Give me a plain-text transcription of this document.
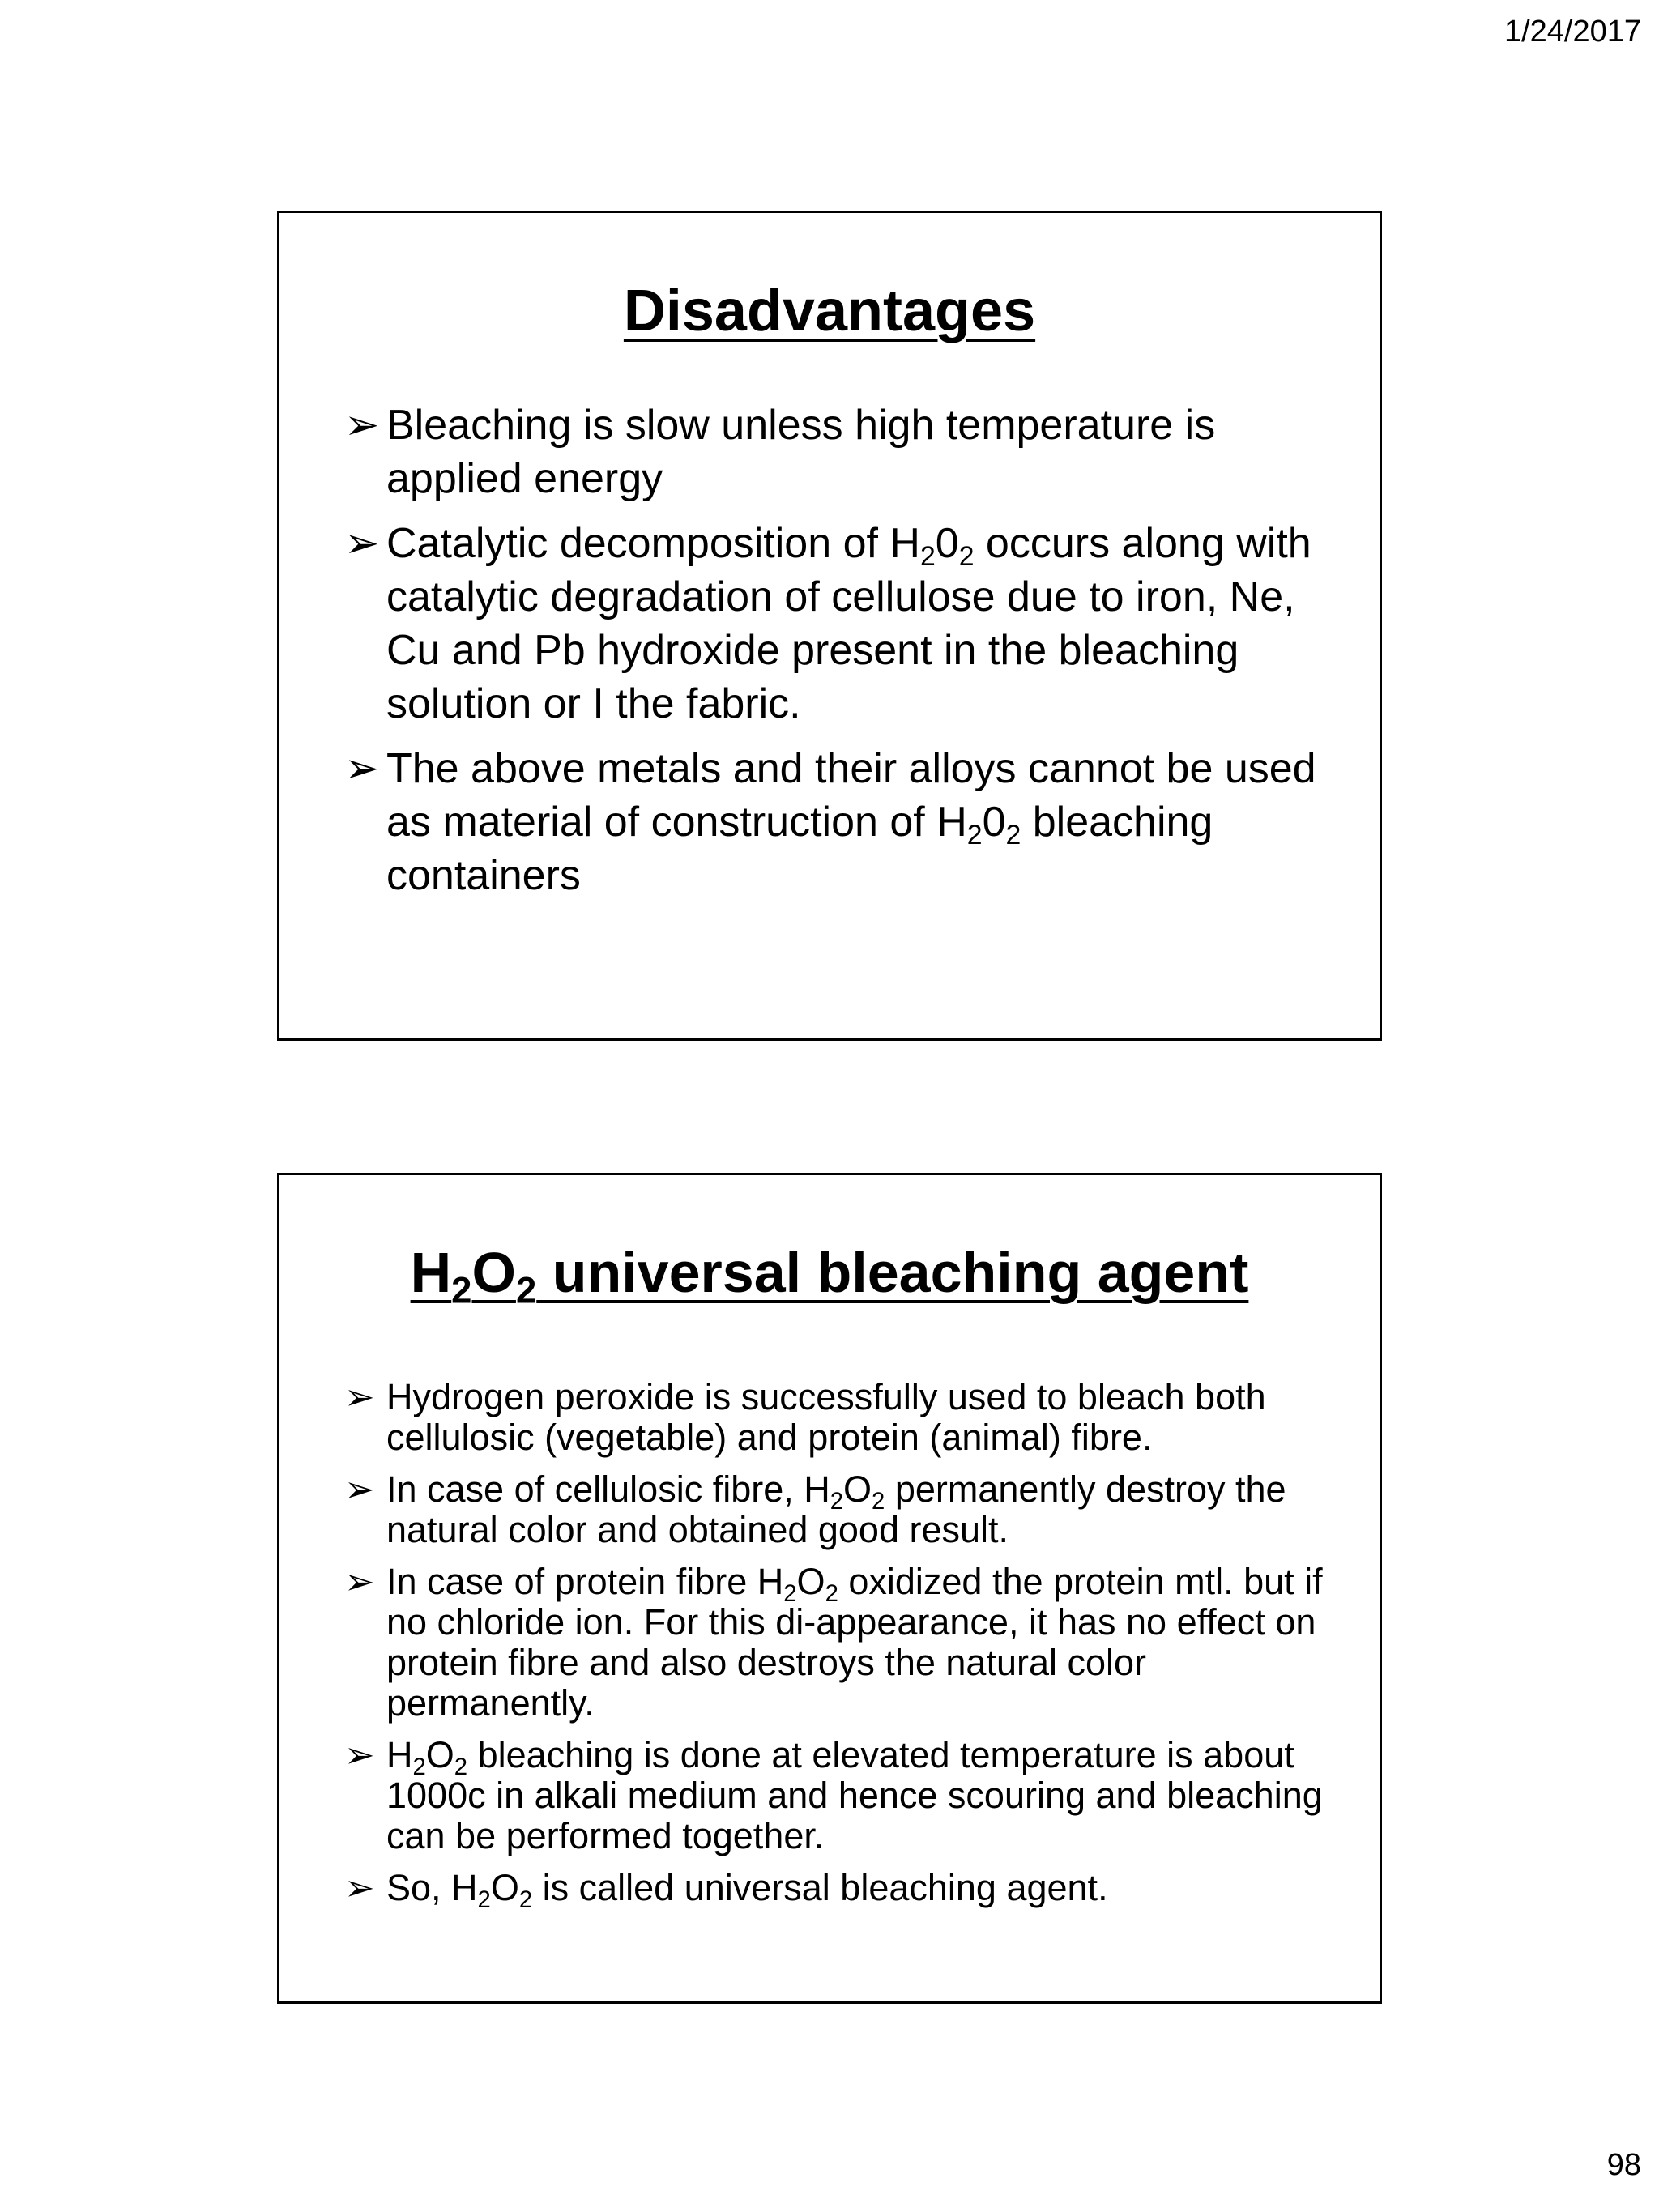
1/24/2017
Disadvantages
➢ Bleaching is slow unless high temperature is applied energy
➢ Catalytic decomposition of $H_20_2$ occurs along with catalytic degradation of cellulose due to iron, Ne, Cu and Pb hydroxide present in the bleaching solution or I the fabric.
➢ The above metals and their alloys cannot be used as material of construction of $H_20_2$ bleaching containers
$H_2O_2$ universal bleaching agent
➢ Hydrogen peroxide is successfully used to bleach both cellulosic (vegetable) and protein (animal) fibre.
➢ In case of cellulosic fibre, $H_2O_2$ permanently destroy the natural color and obtained good result.
➢ In case of protein fibre $H_2O_2$ oxidized the protein mtl. but if no chloride ion. For this di-appearance, it has no effect on protein fibre and also destroys the natural color permanently.
➢ $H_2O_2$ bleaching is done at elevated temperature is about 1000c in alkali medium and hence scouring and bleaching can be performed together.
➢ So, $H_2O_2$ is called universal bleaching agent.
98
